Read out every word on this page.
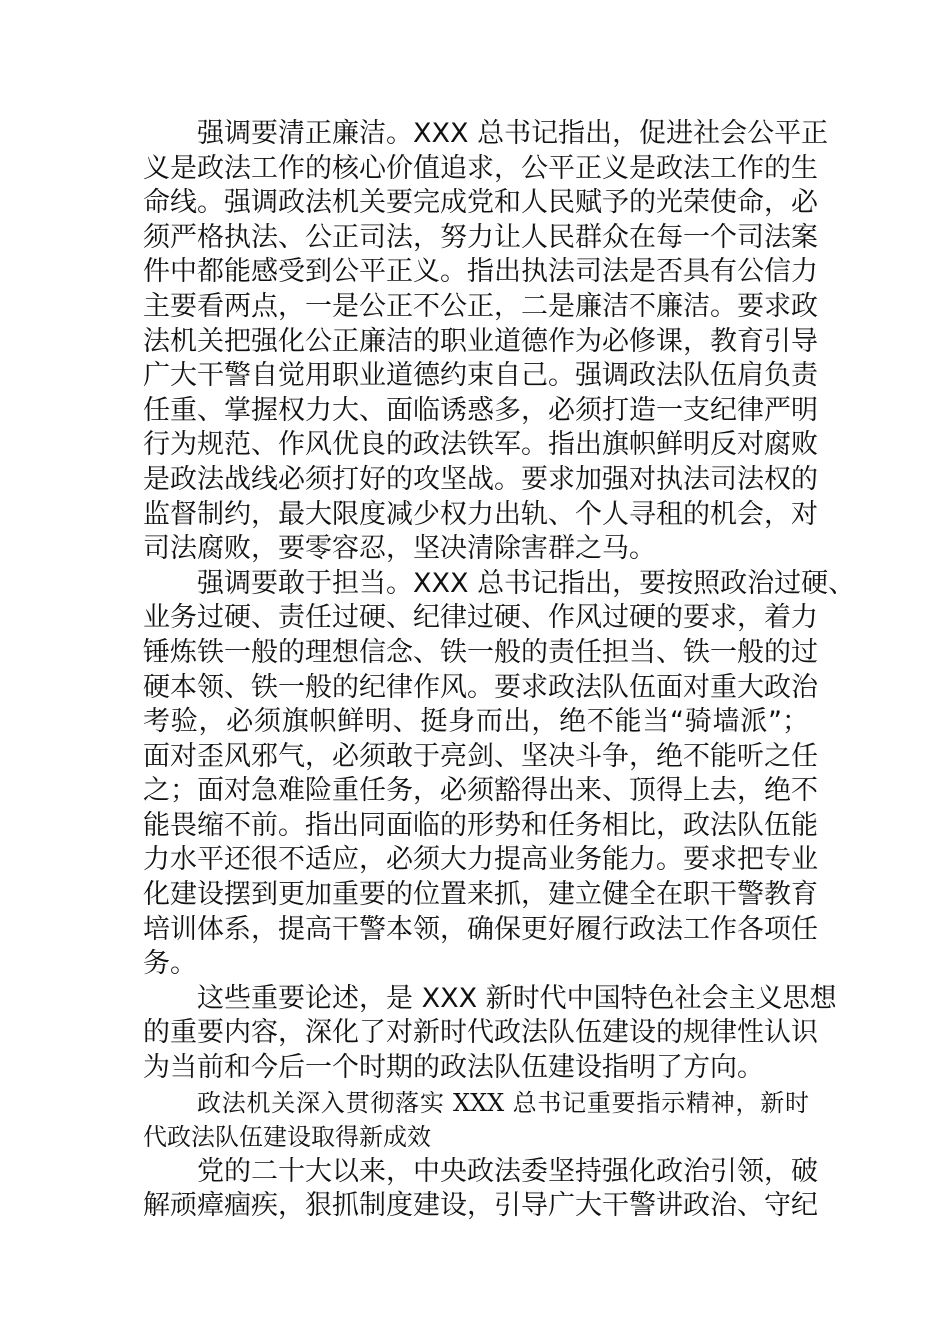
强调要清正廉洁。XXX 总书记指出，促进社会公平正
义是政法工作的核心价值追求，公平正义是政法工作的生
命线。强调政法机关要完成党和人民赋予的光荣使命，必
须严格执法、公正司法，努力让人民群众在每一个司法案
件中都能感受到公平正义。指出执法司法是否具有公信力
主要看两点，一是公正不公正，二是廉洁不廉洁。要求政
法机关把强化公正廉洁的职业道德作为必修课，教育引导
广大干警自觉用职业道德约束自己。强调政法队伍肩负责
任重、掌握权力大、面临诱惑多，必须打造一支纪律严明
行为规范、作风优良的政法铁军。指出旗帜鲜明反对腐败
是政法战线必须打好的攻坚战。要求加强对执法司法权的
监督制约，最大限度减少权力出轨、个人寻租的机会，对
司法腐败，要零容忍，坚决清除害群之马。
强调要敢于担当。XXX 总书记指出，要按照政治过硬、
业务过硬、责任过硬、纪律过硬、作风过硬的要求，着力
锤炼铁一般的理想信念、铁一般的责任担当、铁一般的过
硬本领、铁一般的纪律作风。要求政法队伍面对重大政治
考验，必须旗帜鲜明、挺身而出，绝不能当“骑墙派”；
面对歪风邪气，必须敢于亮剑、坚决斗争，绝不能听之任
之；面对急难险重任务，必须豁得出来、顶得上去，绝不
能畏缩不前。指出同面临的形势和任务相比，政法队伍能
力水平还很不适应，必须大力提高业务能力。要求把专业
化建设摆到更加重要的位置来抓，建立健全在职干警教育
培训体系，提高干警本领，确保更好履行政法工作各项任
务。
这些重要论述，是 XXX 新时代中国特色社会主义思想
的重要内容，深化了对新时代政法队伍建设的规律性认识
为当前和今后一个时期的政法队伍建设指明了方向。
政法机关深入贯彻落实 XXX 总书记重要指示精神，新时
代政法队伍建设取得新成效
党的二十大以来，中央政法委坚持强化政治引领，破
解顽瘴痼疾，狠抓制度建设，引导广大干警讲政治、守纪
